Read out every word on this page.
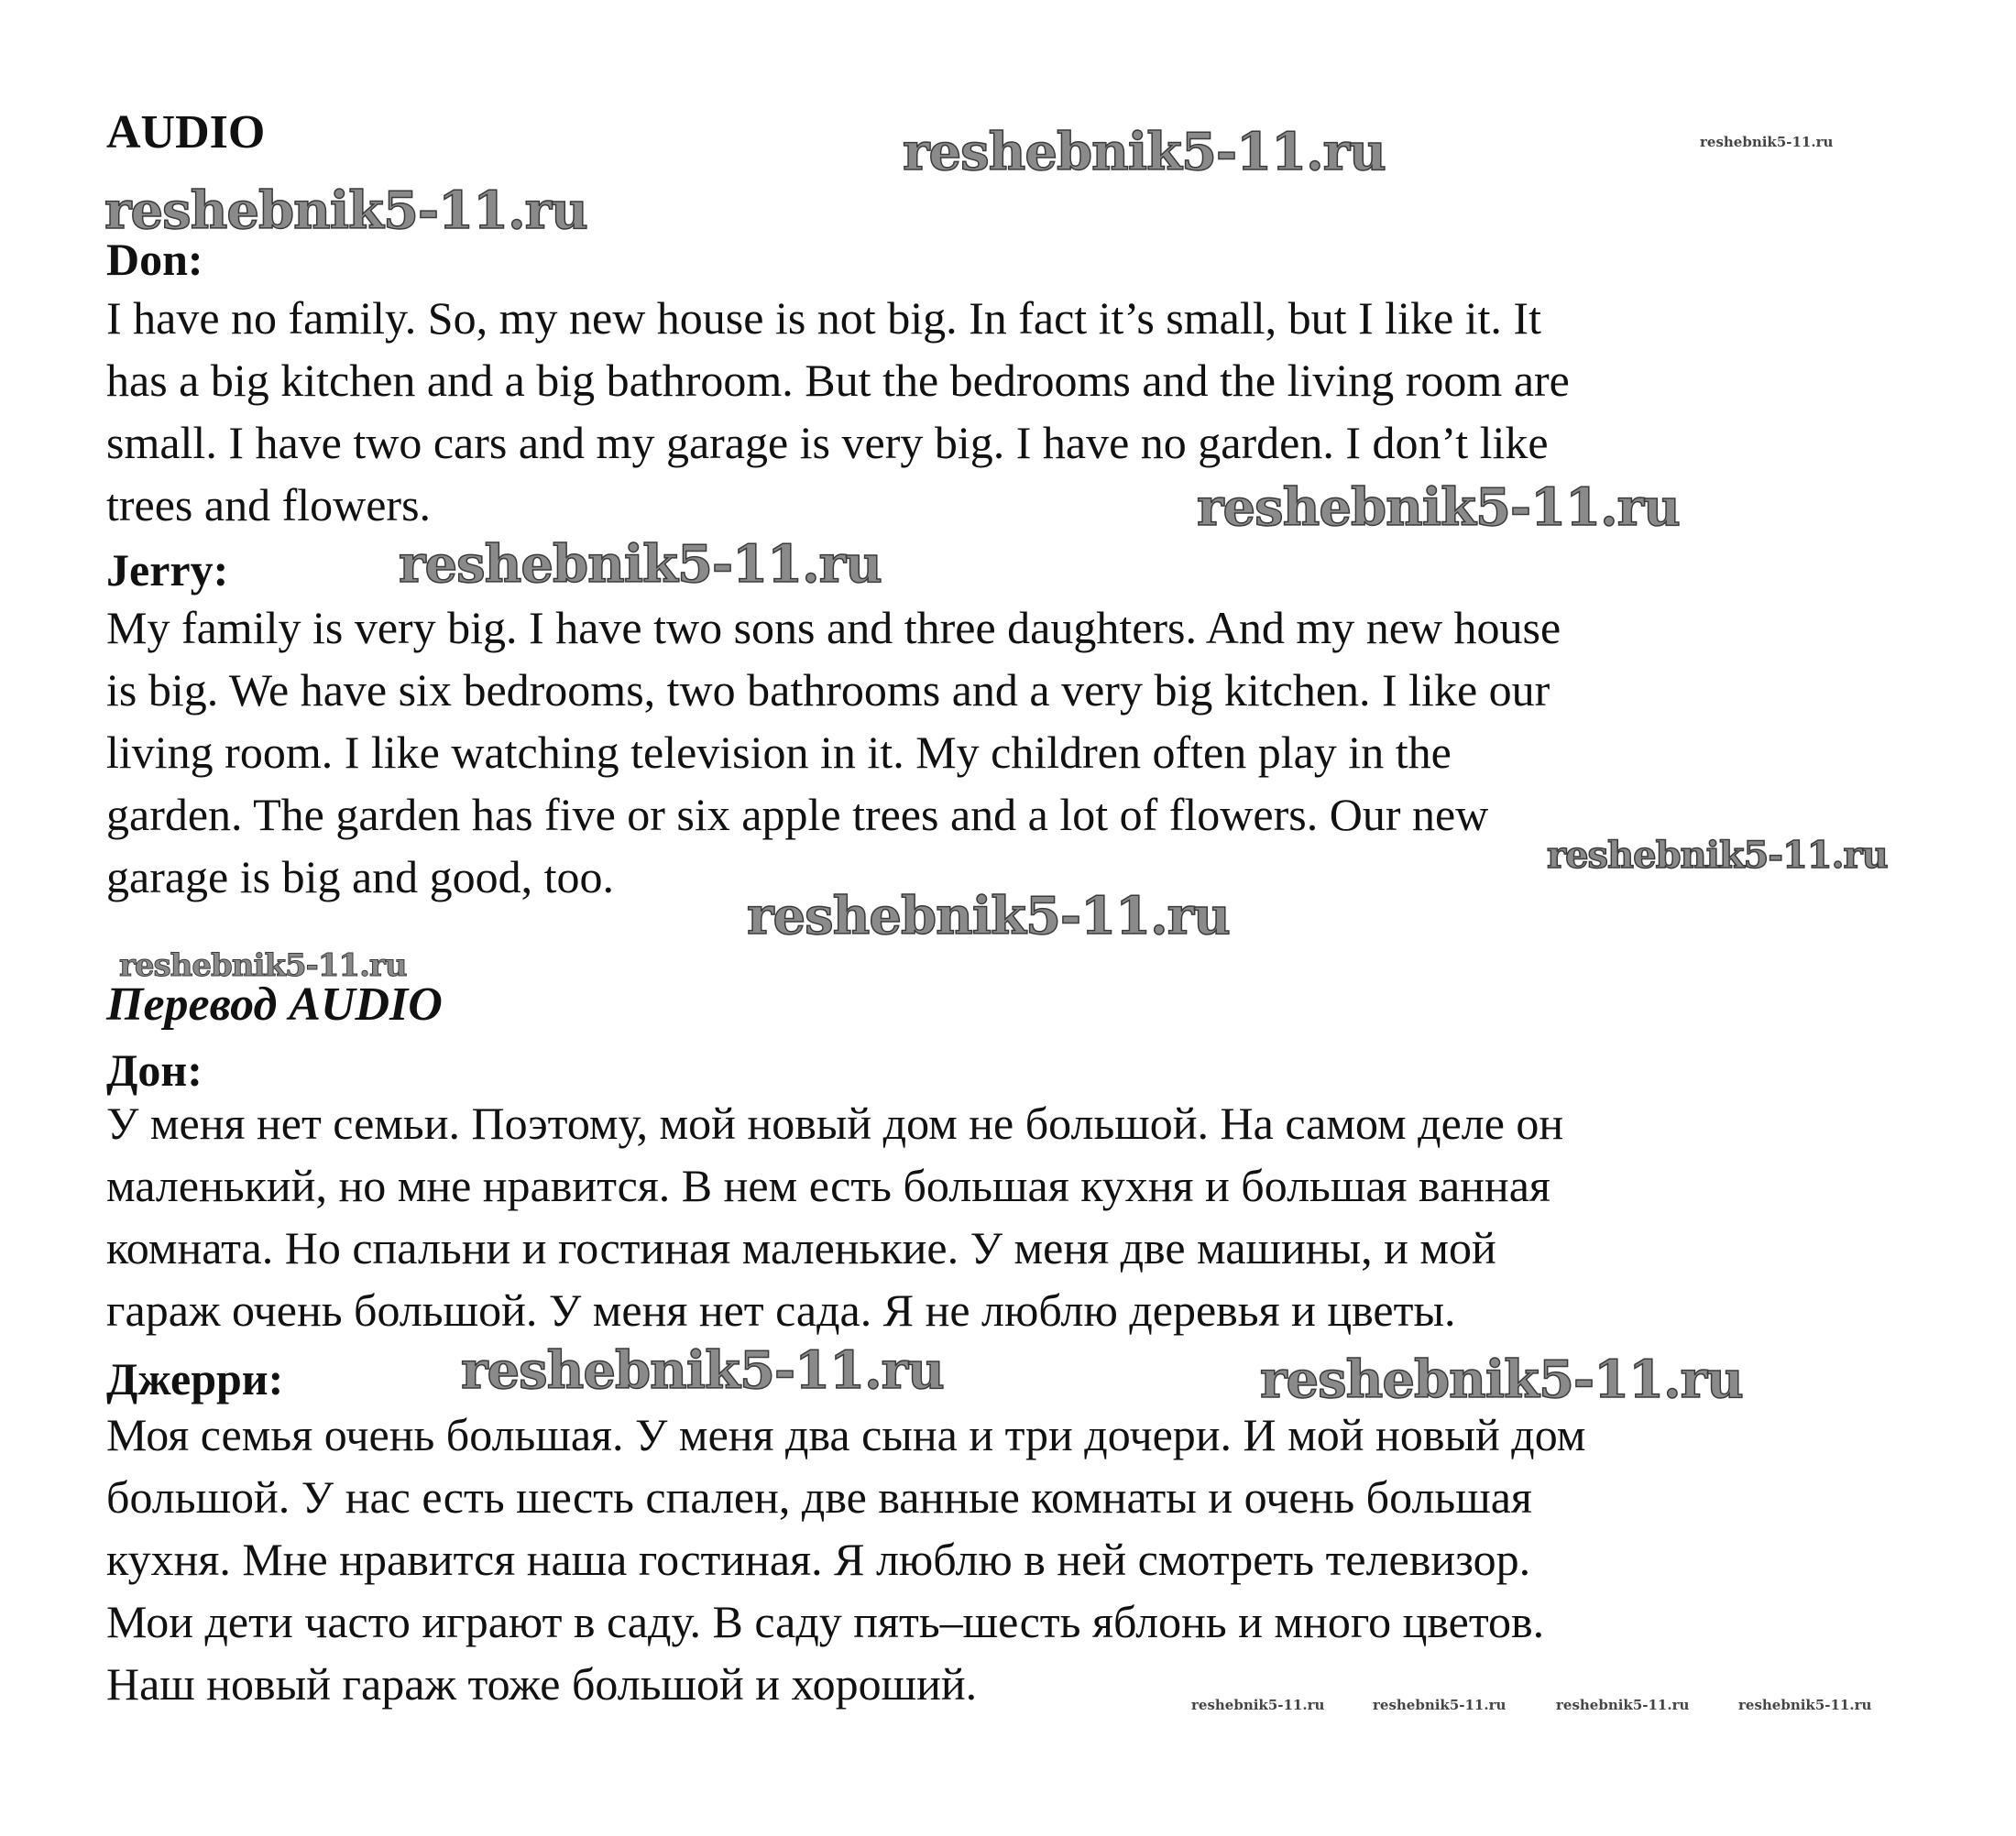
AUDIO
Don:

I have no family. So, my new house is not big. In fact it’s small, but I like it. It
has a big kitchen and a big bathroom. But the bedrooms and the living room are
small. I have two cars and my garage is very big. I have no garden. I don’t like
trees and flowers.

Jerry:

My family is very big. I have two sons and three daughters. And my new house
is big. We have six bedrooms, two bathrooms and a very big kitchen. I like our
living room. I like watching television in it. My children often play in the
garden. The garden has five or six apple trees and a lot of flowers. Our new
garage is big and good, too.

Перевод AUDIO
Дон:

У меня нет семьи. Поэтому, мой новый дом не большой. На самом деле он
маленький, но мне нравится. В нем есть большая кухня и большая ванная
комната. Но спальни и гостиная маленькие. У меня две машины, и мой
гараж очень большой. У меня нет сада. Я не люблю деревья и цветы.

Джерри:

Моя семья очень большая. У меня два сына и три дочери. И мой новый дом
большой. У нас есть шесть спален, две ванные комнаты и очень большая
кухня. Мне нравится наша гостиная. Я люблю в ней смотреть телевизор.
Мои дети часто играют в саду. В саду пять–шесть яблонь и много цветов.
Наш новый гараж тоже большой и хороший.

reshebnik5-11.ru	reshebnik5-11.ru
reshebnik5-11.ru
reshebnik5-11.ru
reshebnik5-11.ru
reshebnik5-11.ru
reshebnik5-11.ru
reshebnik5-11.ru
reshebnik5-11.ru	reshebnik5-11.ru
reshebnik5-11.ru	reshebnik5-11.ru	reshebnik5-11.ru	reshebnik5-11.ru
